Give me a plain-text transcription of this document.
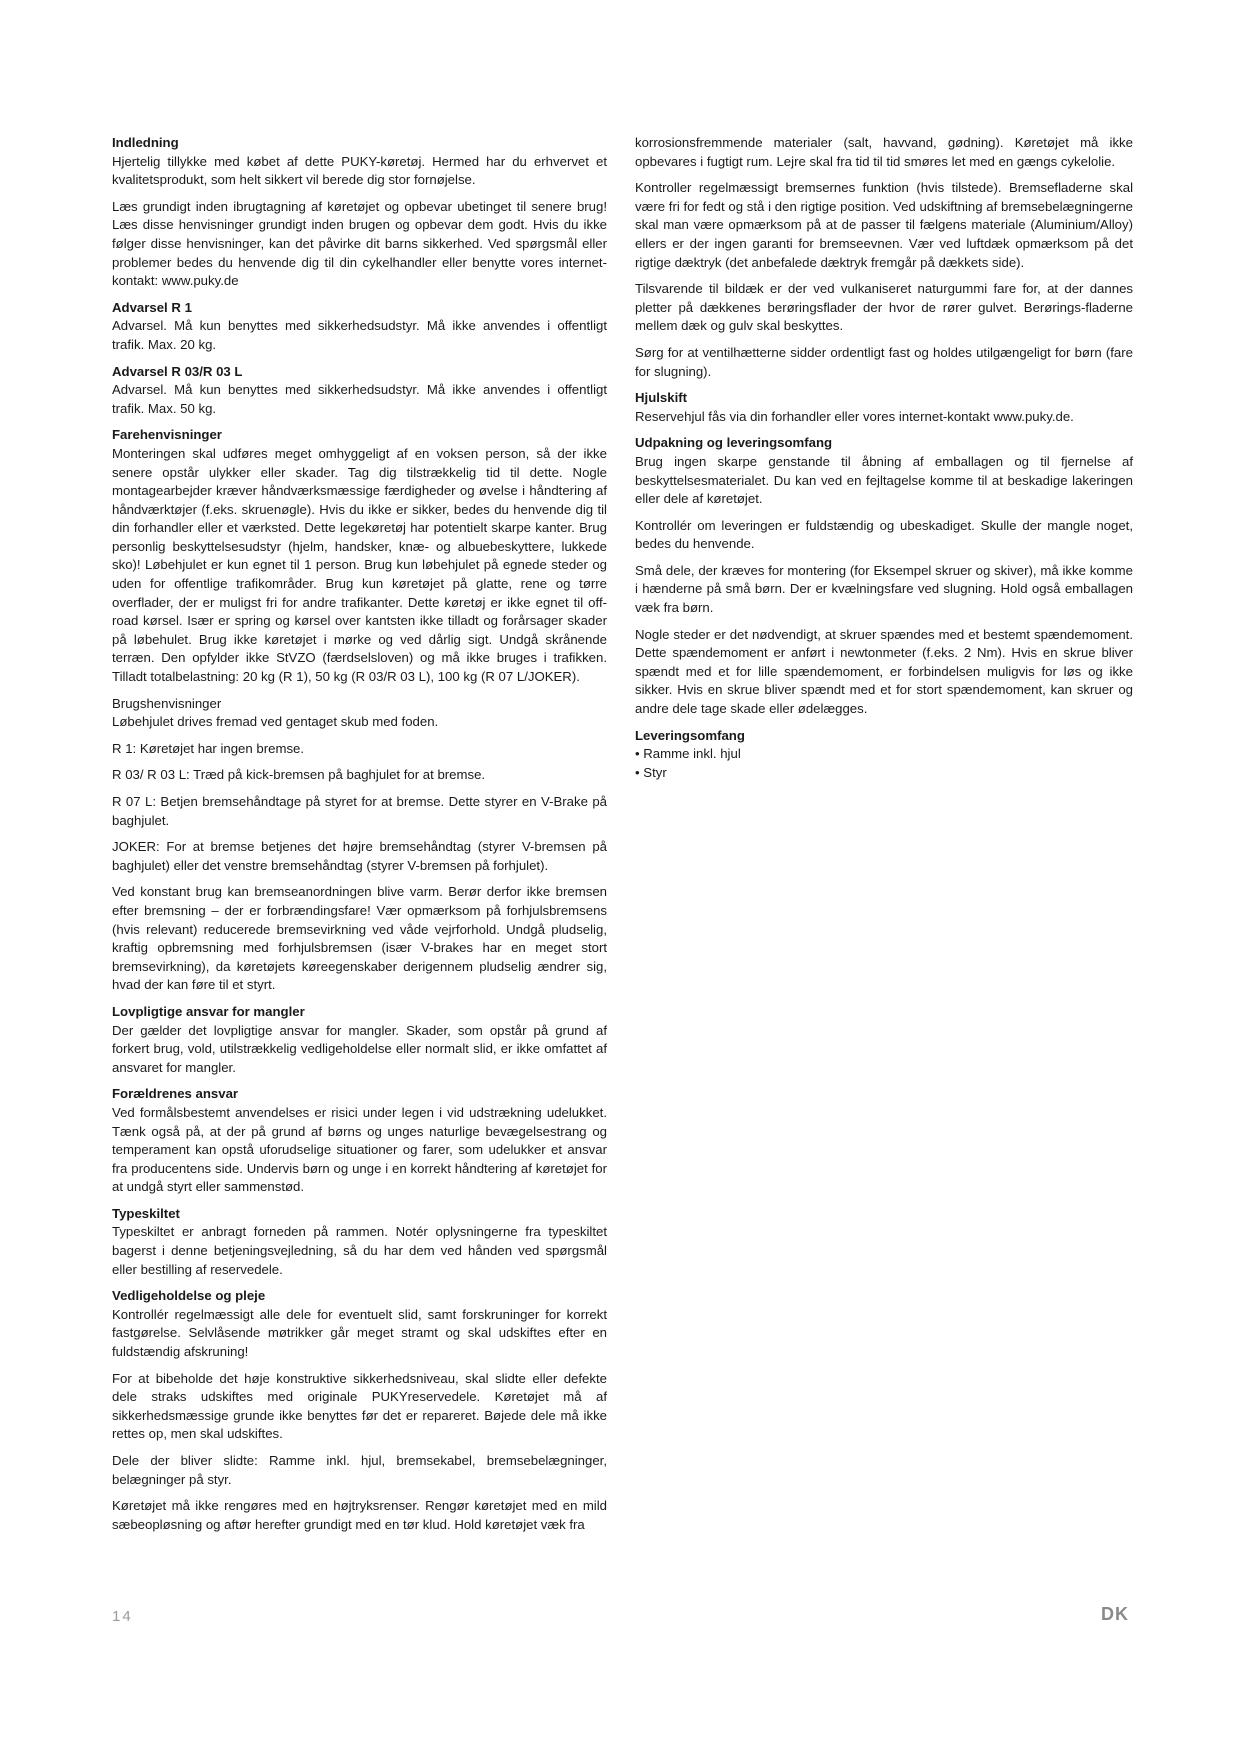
Indledning

Hjertelig tillykke med købet af dette PUKY-køretøj. Hermed har du erhvervet et kvalitetsprodukt, som helt sikkert vil berede dig stor fornøjelse.

Læs grundigt inden ibrugtagning af køretøjet og opbevar ubetinget til senere brug! Læs disse henvisninger grundigt inden brugen og opbevar dem godt. Hvis du ikke følger disse henvisninger, kan det påvirke dit barns sikkerhed. Ved spørgsmål eller problemer bedes du henvende dig til din cykelhandler eller benytte vores internet-kontakt: www.puky.de

Advarsel R 1

Advarsel. Må kun benyttes med sikkerhedsudstyr. Må ikke anvendes i offentligt trafik. Max. 20 kg.

Advarsel R 03/R 03 L

Advarsel. Må kun benyttes med sikkerhedsudstyr. Må ikke anvendes i offentligt trafik. Max. 50 kg.

Farehenvisninger

Monteringen skal udføres meget omhyggeligt af en voksen person, så der ikke senere opstår ulykker eller skader. Tag dig tilstrækkelig tid til dette. Nogle montagearbejder kræver håndværksmæssige færdigheder og øvelse i håndtering af håndværktøjer (f.eks. skruenøgle). Hvis du ikke er sikker, bedes du henvende dig til din forhandler eller et værksted. Dette legekøretøj har potentielt skarpe kanter. Brug personlig beskyttelsesudstyr (hjelm, handsker, knæ- og albuebeskyttere, lukkede sko)! Løbehjulet er kun egnet til 1 person. Brug kun løbehjulet på egnede steder og uden for offentlige trafikområder. Brug kun køretøjet på glatte, rene og tørre overflader, der er muligst fri for andre trafikanter. Dette køretøj er ikke egnet til off-road kørsel. Især er spring og kørsel over kantsten ikke tilladt og forårsager skader på løbehulet. Brug ikke køretøjet i mørke og ved dårlig sigt. Undgå skrånende terræn. Den opfylder ikke StVZO (færdselsloven) og må ikke bruges i trafikken. Tilladt totalbelastning: 20 kg (R 1), 50 kg (R 03/R 03 L), 100 kg (R 07 L/JOKER).

Brugshenvisninger

Løbehjulet drives fremad ved gentaget skub med foden.

R 1: Køretøjet har ingen bremse.

R 03/ R 03 L: Træd på kick-bremsen på baghjulet for at bremse.

R 07 L: Betjen bremsehåndtage på styret for at bremse. Dette styrer en V-Brake på baghjulet.

JOKER: For at bremse betjenes det højre bremsehåndtag (styrer V-bremsen på baghjulet) eller det venstre bremsehåndtag (styrer V-bremsen på forhjulet).

Ved konstant brug kan bremseanordningen blive varm. Berør derfor ikke bremsen efter bremsning – der er forbrændingsfare! Vær opmærksom på forhjulsbremsens (hvis relevant) reducerede bremsevirkning ved våde vejrforhold. Undgå pludselig, kraftig opbremsning med forhjulsbremsen (især V-brakes har en meget stort bremsevirkning), da køretøjets køreegenskaber derigennem pludselig ændrer sig, hvad der kan føre til et styrt.

Lovpligtige ansvar for mangler

Der gælder det lovpligtige ansvar for mangler. Skader, som opstår på grund af forkert brug, vold, utilstrækkelig vedligeholdelse eller normalt slid, er ikke omfattet af ansvaret for mangler.

Forældrenes ansvar

Ved formålsbestemt anvendelses er risici under legen i vid udstrækning udelukket. Tænk også på, at der på grund af børns og unges naturlige bevægelsestrang og temperament kan opstå uforudselige situationer og farer, som udelukker et ansvar fra producentens side. Undervis børn og unge i en korrekt håndtering af køretøjet for at undgå styrt eller sammenstød.

Typeskiltet

Typeskiltet er anbragt forneden på rammen. Notér oplysningerne fra typeskiltet bagerst i denne betjeningsvejledning, så du har dem ved hånden ved spørgsmål eller bestilling af reservedele.

Vedligeholdelse og pleje

Kontrollér regelmæssigt alle dele for eventuelt slid, samt forskruninger for korrekt fastgørelse. Selvlåsende møtrikker går meget stramt og skal udskiftes efter en fuldstændig afskruning!

For at bibeholde det høje konstruktive sikkerhedsniveau, skal slidte eller defekte dele straks udskiftes med originale PUKYreservedele. Køretøjet må af sikkerhedsmæssige grunde ikke benyttes før det er repareret. Bøjede dele må ikke rettes op, men skal udskiftes.

Dele der bliver slidte: Ramme inkl. hjul, bremsekabel, bremsebelægninger, belægninger på styr.

Køretøjet må ikke rengøres med en højtryksrenser. Rengør køretøjet med en mild sæbeopløsning og aftør herefter grundigt med en tør klud. Hold køretøjet væk fra

korrosionsfremmende materialer (salt, havvand, gødning). Køretøjet må ikke opbevares i fugtigt rum. Lejre skal fra tid til tid smøres let med en gængs cykelolie.

Kontroller regelmæssigt bremsernes funktion (hvis tilstede). Bremsefladerne skal være fri for fedt og stå i den rigtige position. Ved udskiftning af bremsebelægningerne skal man være opmærksom på at de passer til fælgens materiale (Aluminium/Alloy) ellers er der ingen garanti for bremseevnen. Vær ved luftdæk opmærksom på det rigtige dæktryk (det anbefalede dæktryk fremgår på dækkets side).

Tilsvarende til bildæk er der ved vulkaniseret naturgummi fare for, at der dannes pletter på dækkenes berøringsflader der hvor de rører gulvet. Berørings-fladerne mellem dæk og gulv skal beskyttes.

Sørg for at ventilhætterne sidder ordentligt fast og holdes utilgængeligt for børn (fare for slugning).

Hjulskift

Reservehjul fås via din forhandler eller vores internet-kontakt www.puky.de.

Udpakning og leveringsomfang

Brug ingen skarpe genstande til åbning af emballagen og til fjernelse af beskyttelsesmaterialet. Du kan ved en fejltagelse komme til at beskadige lakeringen eller dele af køretøjet.

Kontrollér om leveringen er fuldstændig og ubeskadiget. Skulle der mangle noget, bedes du henvende.

Små dele, der kræves for montering (for Eksempel skruer og skiver), må ikke komme i hænderne på små børn. Der er kvælningsfare ved slugning. Hold også emballagen væk fra børn.

Nogle steder er det nødvendigt, at skruer spændes med et bestemt spændemoment. Dette spændemoment er anført i newtonmeter (f.eks. 2 Nm). Hvis en skrue bliver spændt med et for lille spændemoment, er forbindelsen muligvis for løs og ikke sikker. Hvis en skrue bliver spændt med et for stort spændemoment, kan skruer og andre dele tage skade eller ødelægges.

Leveringsomfang

• Ramme inkl. hjul
• Styr
14	DK
